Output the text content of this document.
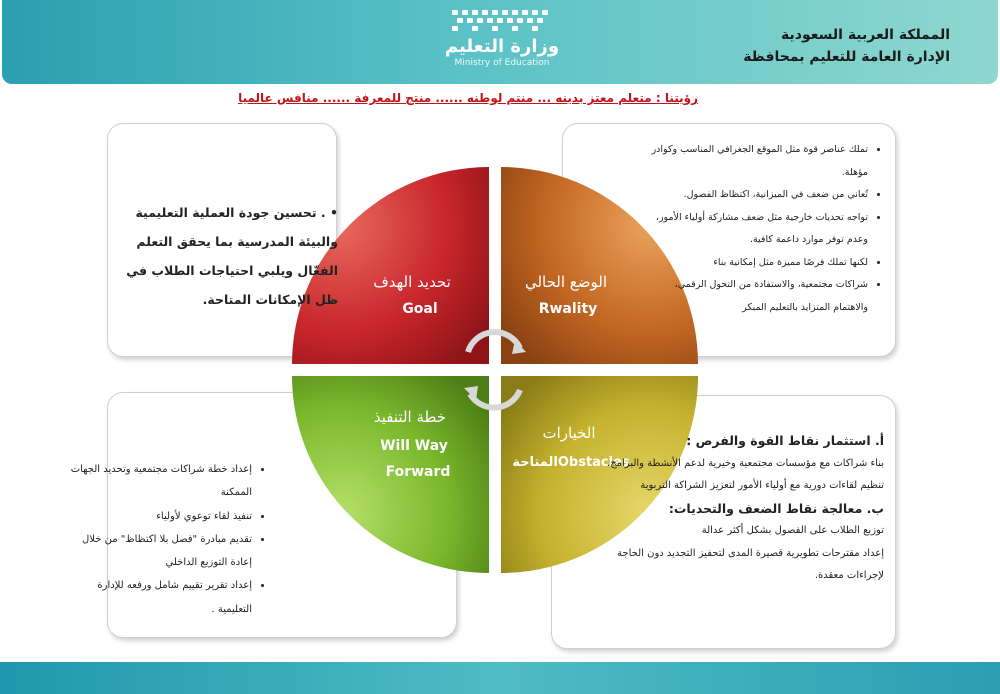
وزارة التعليم
Ministry of Education
المملكة العربية السعودية
الإدارة العامة للتعليم بمحافظة
رؤيتنا : متعلم معتز بدينه ... منتم لوطنه ...... منتج للمعرفة ...... منافس عالميا
تحديد الهدف
Goal
الوضع الحالي
Rwality
خطة التنفيذ
Will Way
Forward
الخيارات
المتاحةObstacles
• . تحسين جودة العملية التعليمية والبيئة المدرسية بما يحقق التعلم الفعّال ويلبي احتياجات الطلاب في ظل الإمكانات المتاحة.
• تملك عناصر قوة مثل الموقع الجغرافي المناسب وكوادر مؤهلة.
• تُعاني من ضعف في الميزانية، اكتظاظ الفصول.
• تواجه تحديات خارجية مثل ضعف مشاركة أولياء الأمور، وعدم توفر موارد داعمة كافية.
• لكنها تملك فرصًا مميزة مثل إمكانية بناء
• شراكات مجتمعية، والاستفادة من التحول الرقمي، والاهتمام المتزايد بالتعليم المبكر
• إعداد خطة شراكات مجتمعية وتحديد الجهات الممكنة
• تنفيذ لقاء توعوي لأولياء
• تقديم مبادرة "فصل بلا اكتظاظ" من خلال إعادة التوزيع الداخلي
• إعداد تقرير تقييم شامل ورفعه للإدارة التعليمية .
أ. استثمار نقاط القوة والفرص :
بناء شراكات مع مؤسسات مجتمعية وخيرية لدعم الأنشطة والبرامج.
تنظيم لقاءات دورية مع أولياء الأمور لتعزيز الشراكة التربوية
ب. معالجة نقاط الضعف والتحديات:
توزيع الطلاب على الفصول بشكل أكثر عدالة
إعداد مقترحات تطويرية قصيرة المدى لتحفيز التجديد دون الحاجة لإجراءات معقدة.
